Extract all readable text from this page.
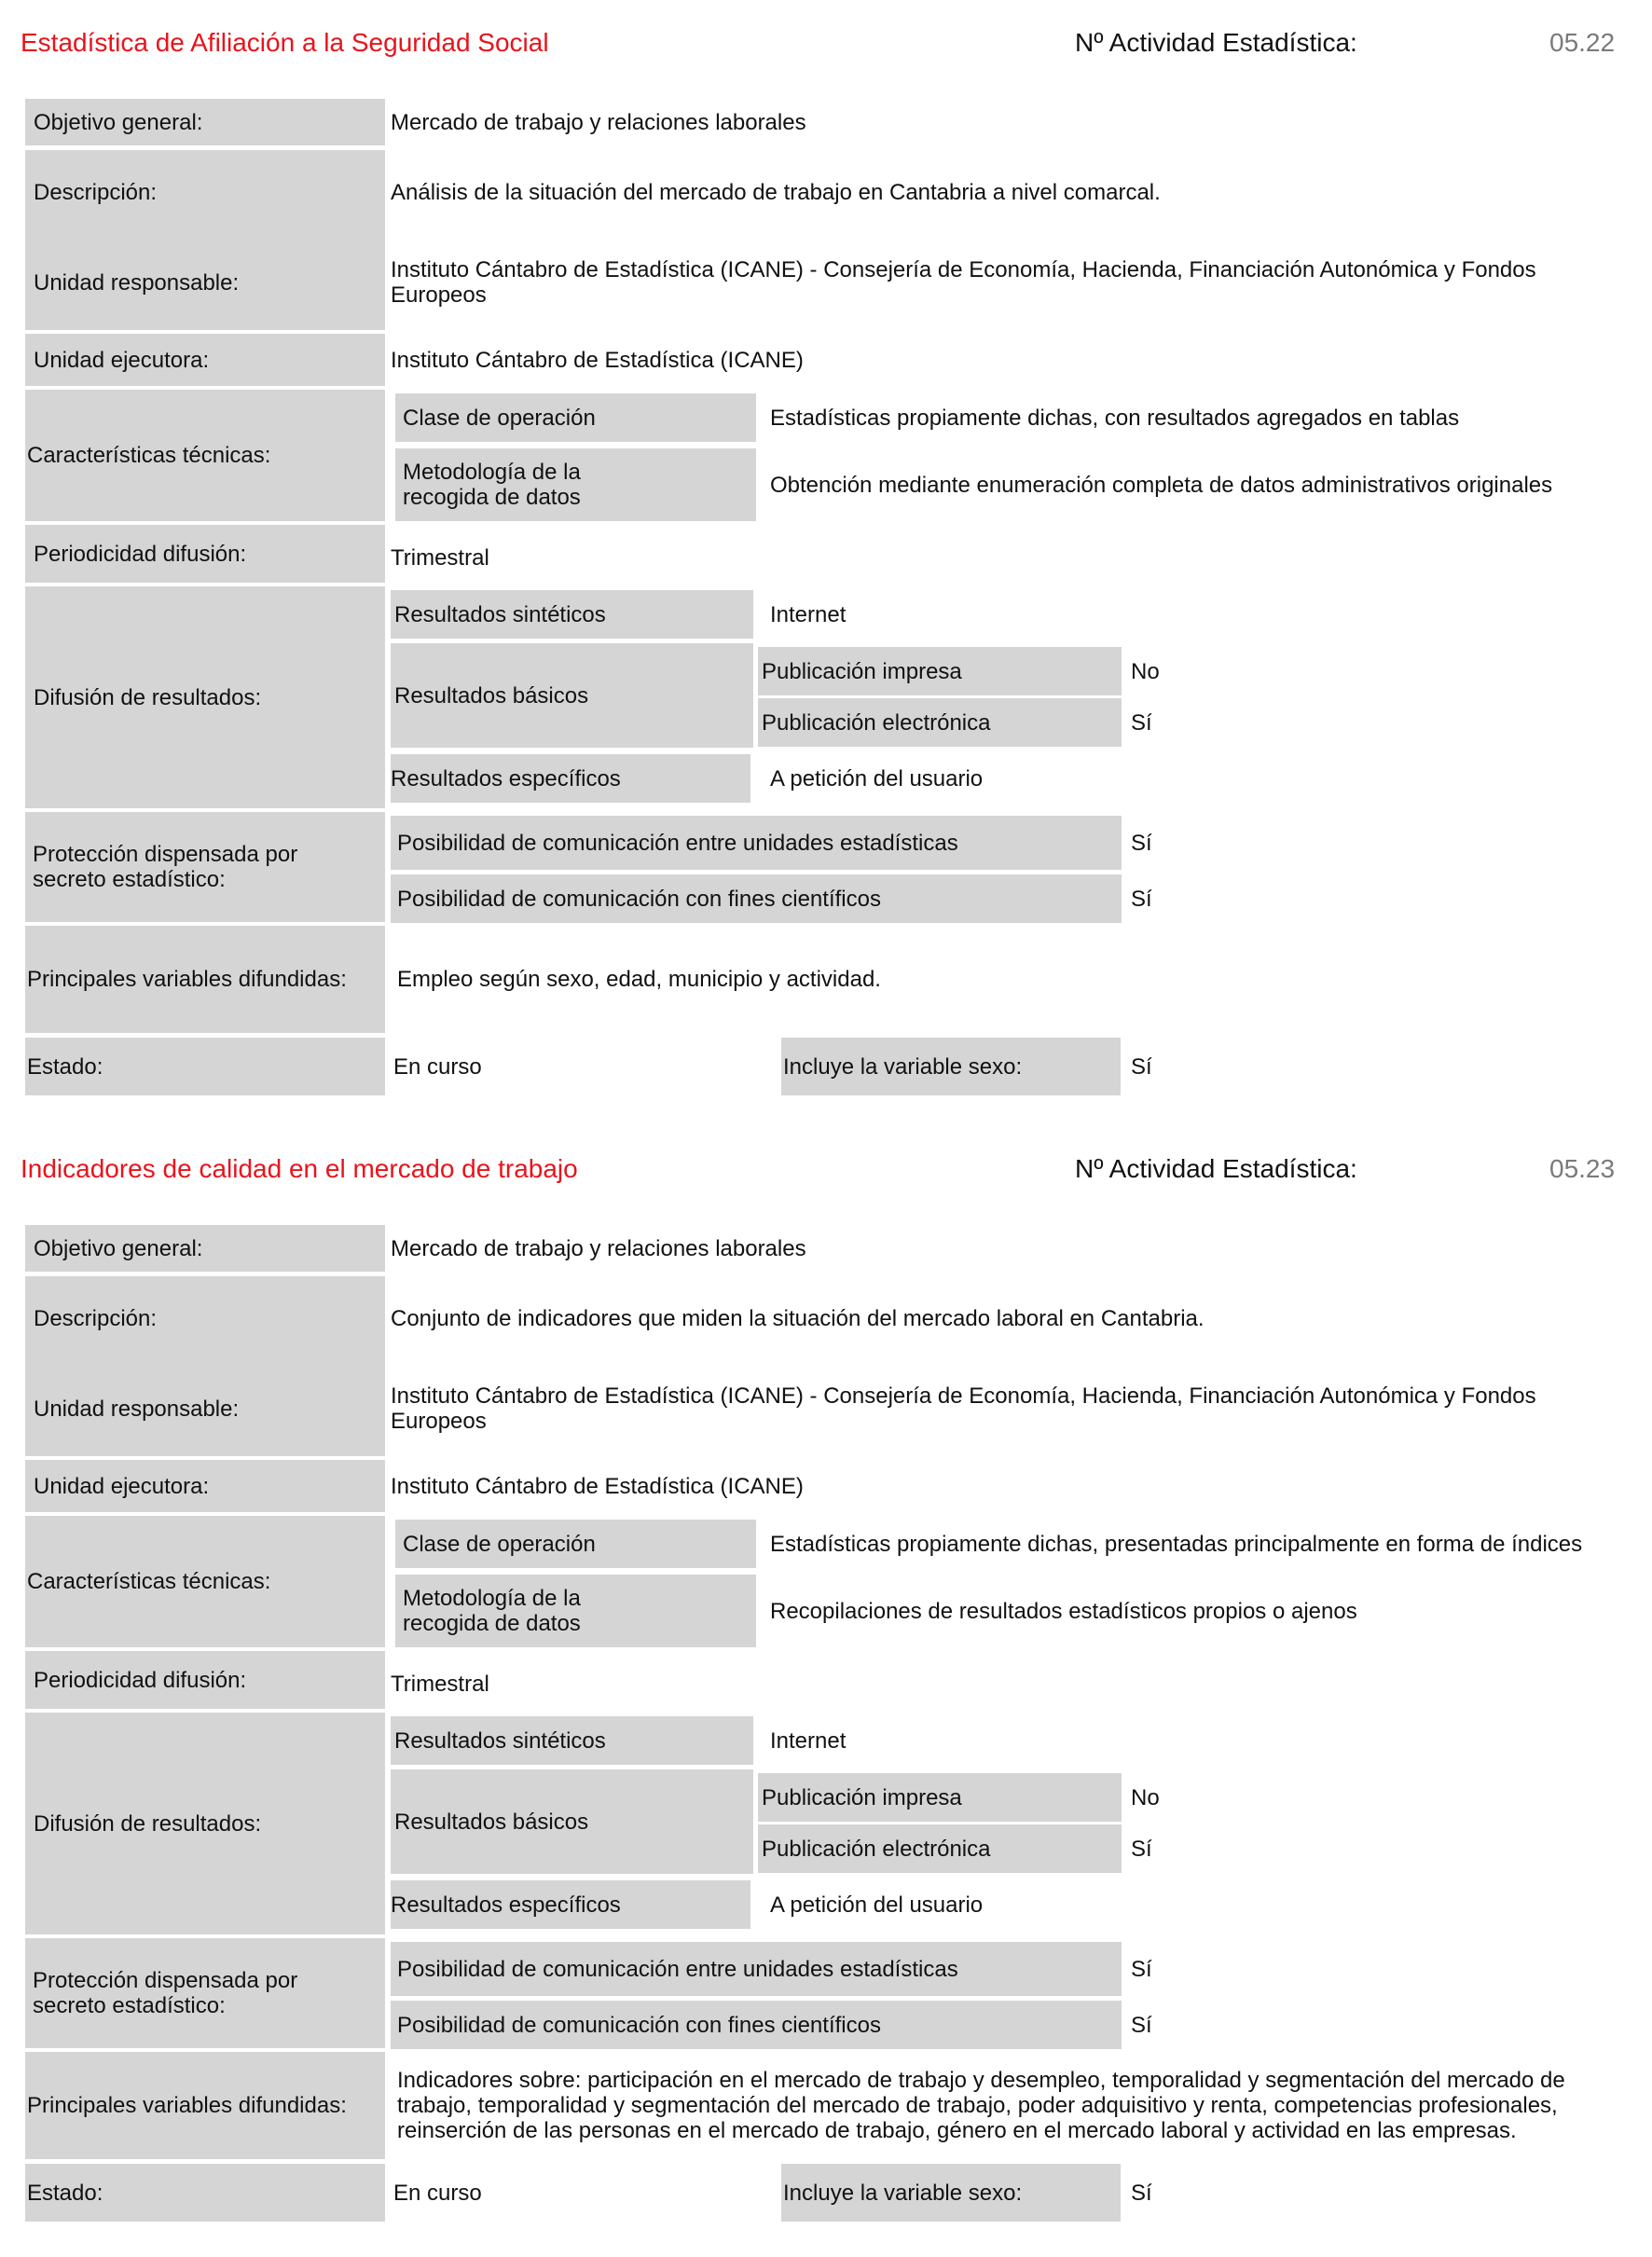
Estadística de Afiliación a la Seguridad Social	Nº Actividad Estadística:	05.22
Objetivo general:	Mercado de trabajo y relaciones laborales
Descripción:	Análisis de la situación del mercado de trabajo en Cantabria a nivel comarcal.
Unidad responsable:	Instituto Cántabro de Estadística (ICANE) - Consejería de Economía, Hacienda, Financiación Autonómica y Fondos Europeos
Unidad ejecutora:	Instituto Cántabro de Estadística (ICANE)
Características técnicas:
Clase de operación	Estadísticas propiamente dichas, con resultados agregados en tablas
Metodología de la recogida de datos	Obtención mediante enumeración completa de datos administrativos originales
Periodicidad difusión:	Trimestral
Difusión de resultados:
Resultados sintéticos	Internet
Resultados básicos
Publicación impresa	No
Publicación electrónica	Sí
Resultados específicos	A petición del usuario
Protección dispensada por secreto estadístico:
Posibilidad de comunicación entre unidades estadísticas	Sí
Posibilidad de comunicación con fines científicos	Sí
Principales variables difundidas:	Empleo según sexo, edad, municipio y actividad.
Estado:	En curso	Incluye la variable sexo:	Sí
Indicadores de calidad en el mercado de trabajo	Nº Actividad Estadística:	05.23
Objetivo general:	Mercado de trabajo y relaciones laborales
Descripción:	Conjunto de indicadores que miden la situación del mercado laboral en Cantabria.
Unidad responsable:	Instituto Cántabro de Estadística (ICANE) - Consejería de Economía, Hacienda, Financiación Autonómica y Fondos Europeos
Unidad ejecutora:	Instituto Cántabro de Estadística (ICANE)
Características técnicas:
Clase de operación	Estadísticas propiamente dichas, presentadas principalmente en forma de índices
Metodología de la recogida de datos	Recopilaciones de resultados estadísticos propios o ajenos
Periodicidad difusión:	Trimestral
Difusión de resultados:
Resultados sintéticos	Internet
Resultados básicos
Publicación impresa	No
Publicación electrónica	Sí
Resultados específicos	A petición del usuario
Protección dispensada por secreto estadístico:
Posibilidad de comunicación entre unidades estadísticas	Sí
Posibilidad de comunicación con fines científicos	Sí
Principales variables difundidas:
Indicadores sobre: participación en el mercado de trabajo y desempleo, temporalidad y segmentación del mercado de trabajo, temporalidad y segmentación del mercado de trabajo, poder adquisitivo y renta, competencias profesionales, reinserción de las personas en el mercado de trabajo, género en el mercado laboral y actividad en las empresas.
Estado:	En curso	Incluye la variable sexo:	Sí
